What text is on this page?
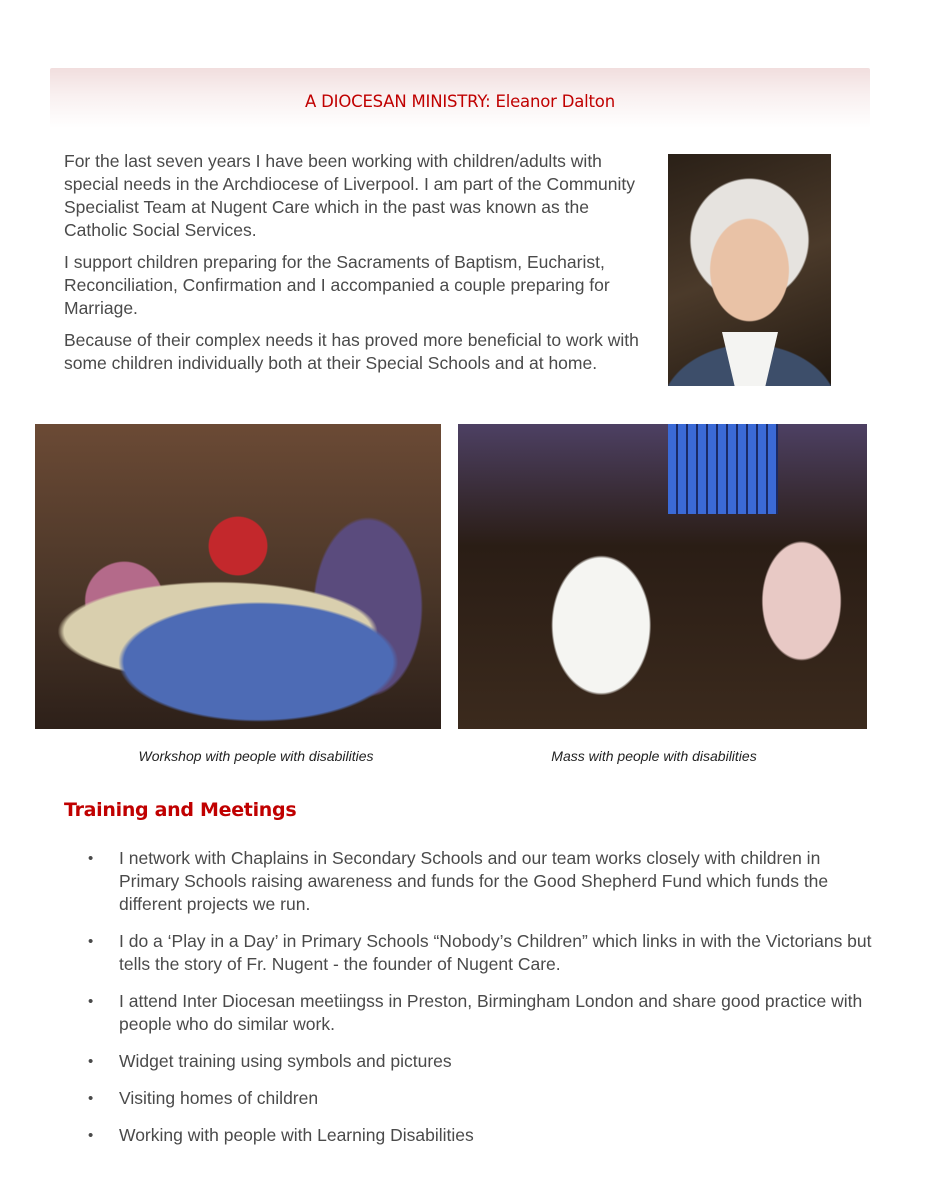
A DIOCESAN MINISTRY: Eleanor Dalton

For the last seven years I have been working with children/adults with special needs in the Archdiocese of Liverpool. I am part of the Community Specialist Team at Nugent Care which in the past was known as the Catholic Social Services.

I support children preparing for the Sacraments of Baptism, Eucharist, Reconciliation, Confirmation and I accompanied a couple preparing for Marriage.

Because of their complex needs it has proved more beneficial to work with some children individually both at their Special Schools and at home.

Workshop with people with disabilities	Mass with people with disabilities
Training and Meetings
• I network with Chaplains in Secondary Schools and our team works closely with children in Primary Schools raising awareness and funds for the Good Shepherd Fund which funds the different projects we run.
• I do a ‘Play in a Day’ in Primary Schools “Nobody’s Children” which links in with the Victorians but tells the story of Fr. Nugent - the founder of Nugent Care.
• I attend Inter Diocesan meetiingss in Preston, Birmingham London and share good practice with people who do similar work.
• Widget training using symbols and pictures
• Visiting homes of children
• Working with people with Learning Disabilities
